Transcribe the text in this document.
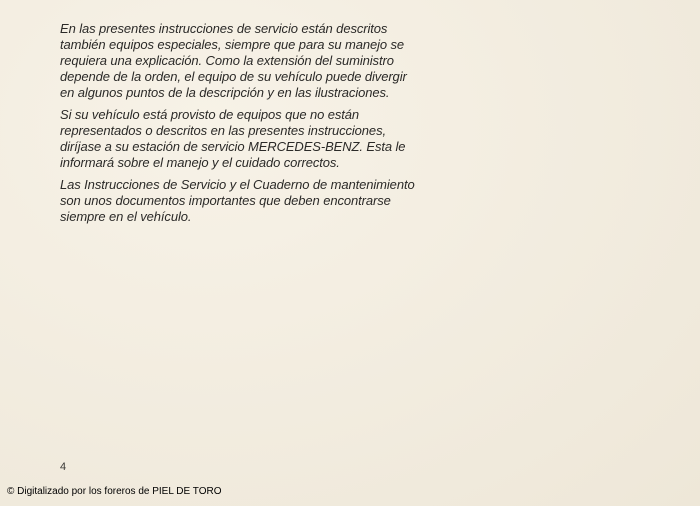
En las presentes instrucciones de servicio están descritos
también equipos especiales, siempre que para su manejo se
requiera una explicación. Como la extensión del suministro
depende de la orden, el equipo de su vehículo puede divergir
en algunos puntos de la descripción y en las ilustraciones.

Si su vehículo está provisto de equipos que no están
representados o descritos en las presentes instrucciones,
diríjase a su estación de servicio MERCEDES-BENZ. Esta le
informará sobre el manejo y el cuidado correctos.

Las Instrucciones de Servicio y el Cuaderno de mantenimiento
son unos documentos importantes que deben encontrarse
siempre en el vehículo.

4
© Digitalizado por los foreros de PIEL DE TORO
